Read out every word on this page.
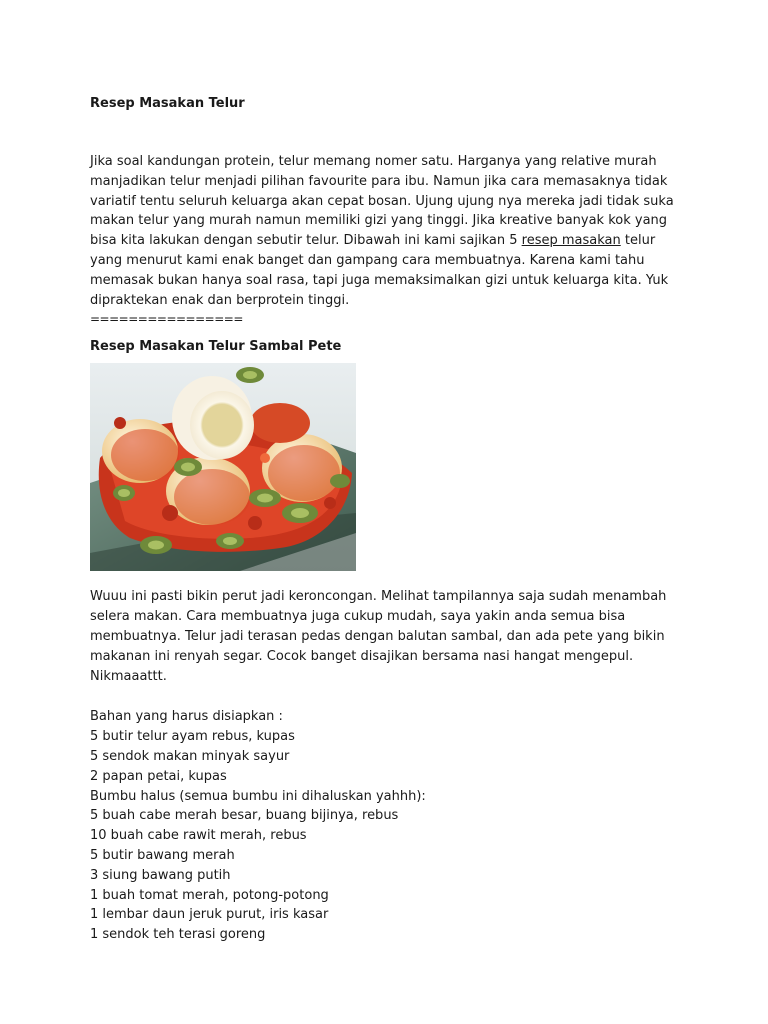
Resep Masakan Telur
Jika soal kandungan protein, telur memang nomer satu. Harganya yang relative murah manjadikan telur menjadi pilihan favourite para ibu. Namun jika cara memasaknya tidak variatif tentu seluruh keluarga akan cepat bosan. Ujung ujung nya mereka jadi tidak suka makan telur yang murah namun memiliki gizi yang tinggi. Jika kreative banyak kok yang bisa kita lakukan dengan sebutir telur. Dibawah ini kami sajikan 5 resep masakan telur yang menurut kami enak banget dan gampang cara membuatnya. Karena kami tahu memasak bukan hanya soal rasa, tapi juga memaksimalkan gizi untuk keluarga kita. Yuk dipraktekan enak dan berprotein tinggi.
================
Resep Masakan Telur Sambal Pete
Wuuu ini pasti bikin perut jadi keroncongan. Melihat tampilannya saja sudah menambah selera makan. Cara membuatnya juga cukup mudah, saya yakin anda semua bisa membuatnya. Telur jadi terasan pedas dengan balutan sambal, dan ada pete yang bikin makanan ini renyah segar. Cocok banget disajikan bersama nasi hangat mengepul. Nikmaaattt.
Bahan yang harus disiapkan :
5 butir telur ayam rebus, kupas
5 sendok makan minyak sayur
2 papan petai, kupas
Bumbu halus (semua bumbu ini dihaluskan yahhh):
5 buah cabe merah besar, buang bijinya, rebus
10 buah cabe rawit merah, rebus
5 butir bawang merah
3 siung bawang putih
1 buah tomat merah, potong-potong
1 lembar daun jeruk purut, iris kasar
1 sendok teh terasi goreng
